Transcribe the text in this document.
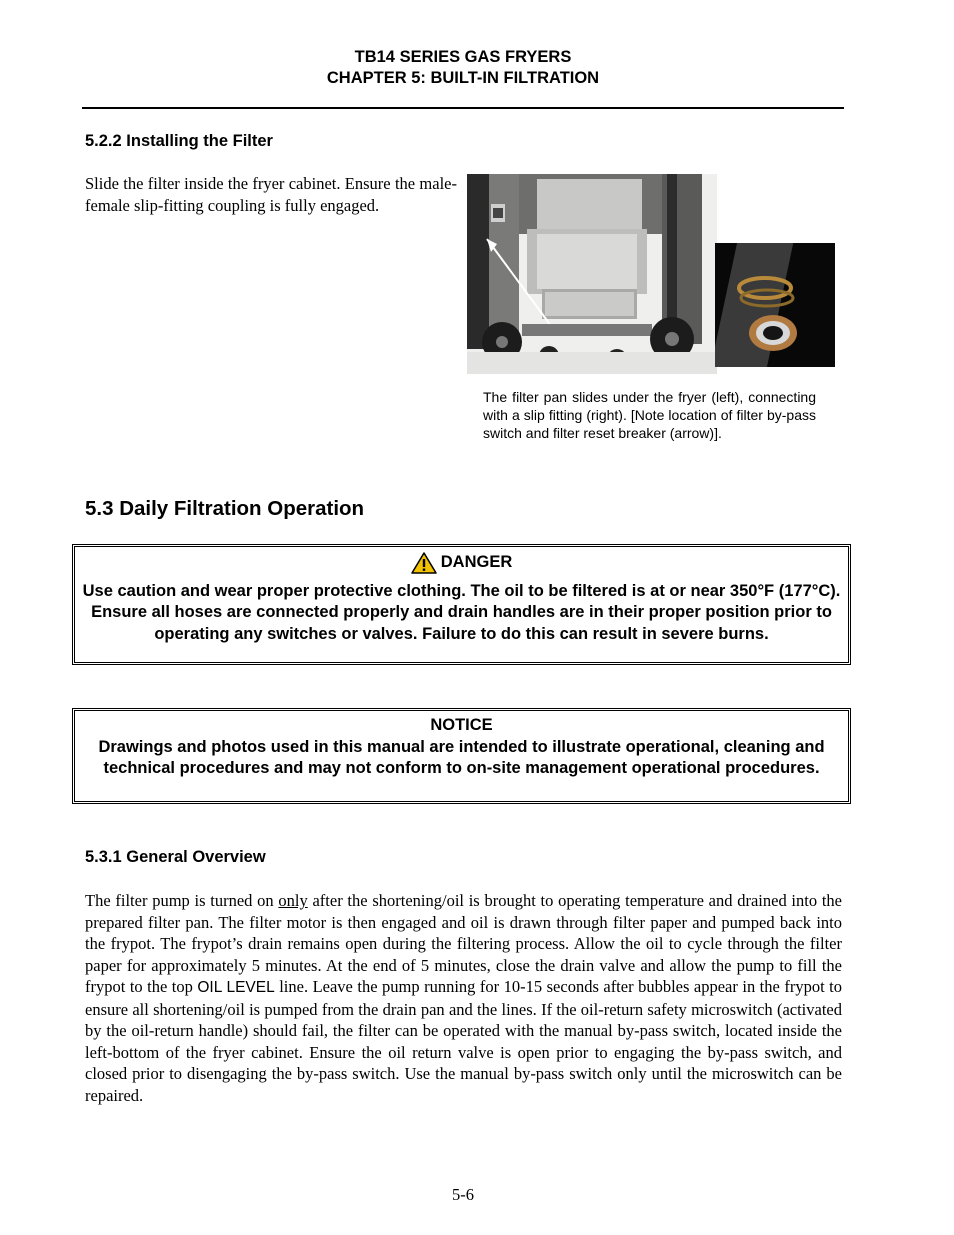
TB14 SERIES GAS FRYERS
CHAPTER 5: BUILT-IN FILTRATION
5.2.2 Installing the Filter
Slide the filter inside the fryer cabinet. Ensure the male-female slip-fitting coupling is fully engaged.
The filter pan slides under the fryer (left), connecting with a slip fitting (right). [Note location of filter by-pass switch and filter reset breaker (arrow)].
5.3 Daily Filtration Operation
DANGER
Use caution and wear proper protective clothing. The oil to be filtered is at or near 350°F (177°C). Ensure all hoses are connected properly and drain handles are in their proper position prior to operating any switches or valves. Failure to do this can result in severe burns.
NOTICE
Drawings and photos used in this manual are intended to illustrate operational, cleaning and technical procedures and may not conform to on-site management operational procedures.
5.3.1 General Overview
The filter pump is turned on only after the shortening/oil is brought to operating temperature and drained into the prepared filter pan. The filter motor is then engaged and oil is drawn through filter paper and pumped back into the frypot. The frypot’s drain remains open during the filtering process. Allow the oil to cycle through the filter paper for approximately 5 minutes. At the end of 5 minutes, close the drain valve and allow the pump to fill the frypot to the top OIL LEVEL line. Leave the pump running for 10-15 seconds after bubbles appear in the frypot to ensure all shortening/oil is pumped from the drain pan and the lines. If the oil-return safety microswitch (activated by the oil-return handle) should fail, the filter can be operated with the manual by-pass switch, located inside the left-bottom of the fryer cabinet. Ensure the oil return valve is open prior to engaging the by-pass switch, and closed prior to disengaging the by-pass switch. Use the manual by-pass switch only until the microswitch can be repaired.
5-6
